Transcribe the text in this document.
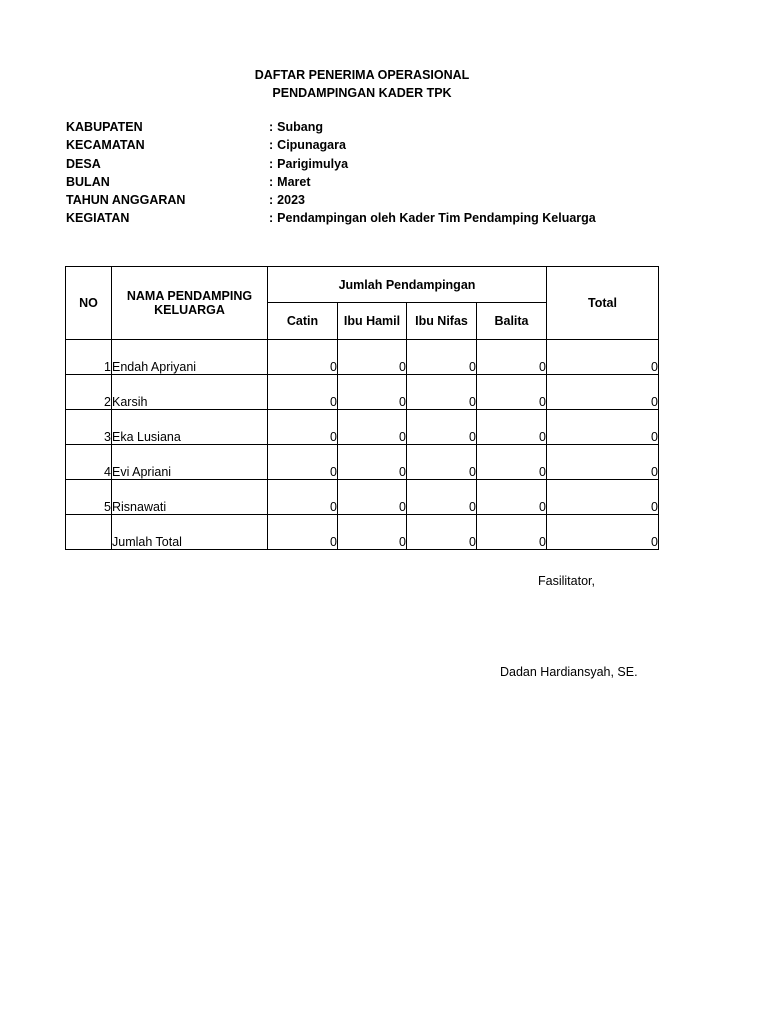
DAFTAR PENERIMA OPERASIONAL
PENDAMPINGAN KADER TPK
KABUPATEN	: Subang
KECAMATAN	: Cipunagara
DESA	: Parigimulya
BULAN	: Maret
TAHUN ANGGARAN	: 2023
KEGIATAN	: Pendampingan oleh Kader Tim Pendamping Keluarga
NO	NAMA PENDAMPING KELUARGA	Jumlah Pendampingan				Total
		Catin	Ibu Hamil	Ibu Nifas	Balita	
1	Endah Apriyani	0	0	0	0	0
2	Karsih	0	0	0	0	0
3	Eka Lusiana	0	0	0	0	0
4	Evi Apriani	0	0	0	0	0
5	Risnawati	0	0	0	0	0
	Jumlah Total	0	0	0	0	0
Fasilitator,
Dadan Hardiansyah, SE.
